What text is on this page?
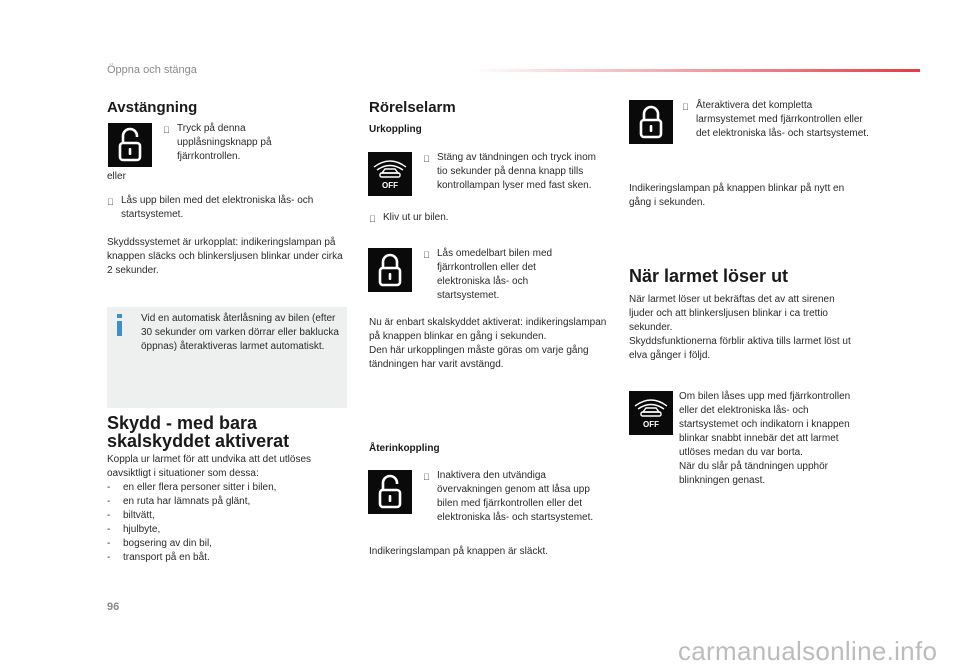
Öppna och stänga
Avstängning
Tryck på denna upplåsningsknapp på fjärrkontrollen.
eller
Lås upp bilen med det elektroniska lås- och startsystemet.

Skyddssystemet är urkopplat: indikeringslampan på knappen släcks och blinkersljusen blinkar under cirka 2 sekunder.

Vid en automatisk återlåsning av bilen (efter 30 sekunder om varken dörrar eller baklucka öppnas) återaktiveras larmet automatiskt.

Skydd - med bara
skalskyddet aktiverat

Koppla ur larmet för att undvika att det utlöses oavsiktligt i situationer som dessa:

-	en eller flera personer sitter i bilen,
-	en ruta har lämnats på glänt,
-	biltvätt,
-	hjulbyte,
-	bogsering av din bil,
-	transport på en båt.
Rörelselarm
Urkoppling
OFF
Stäng av tändningen och tryck inom tio sekunder på denna knapp tills kontrollampan lyser med fast sken.
Kliv ut ur bilen.
Lås omedelbart bilen med fjärrkontrollen eller det elektroniska lås- och startsystemet.

Nu är enbart skalskyddet aktiverat: indikeringslampan på knappen blinkar en gång i sekunden.
Den här urkopplingen måste göras om varje gång tändningen har varit avstängd.

Återinkoppling
Inaktivera den utvändiga övervakningen genom att låsa upp bilen med fjärrkontrollen eller det elektroniska lås- och startsystemet.

Indikeringslampan på knappen är släckt.

Återaktivera det kompletta larmsystemet med fjärrkontrollen eller det elektroniska lås- och startsystemet.

Indikeringslampan på knappen blinkar på nytt en gång i sekunden.

När larmet löser ut

När larmet löser ut bekräftas det av att sirenen ljuder och att blinkersljusen blinkar i ca trettio sekunder.
Skyddsfunktionerna förblir aktiva tills larmet löst ut elva gånger i följd.

OFF

Om bilen låses upp med fjärrkontrollen eller det elektroniska lås- och startsystemet och indikatorn i knappen blinkar snabbt innebär det att larmet utlöses medan du var borta.
När du slår på tändningen upphör blinkningen genast.

96
carmanualsonline.info
